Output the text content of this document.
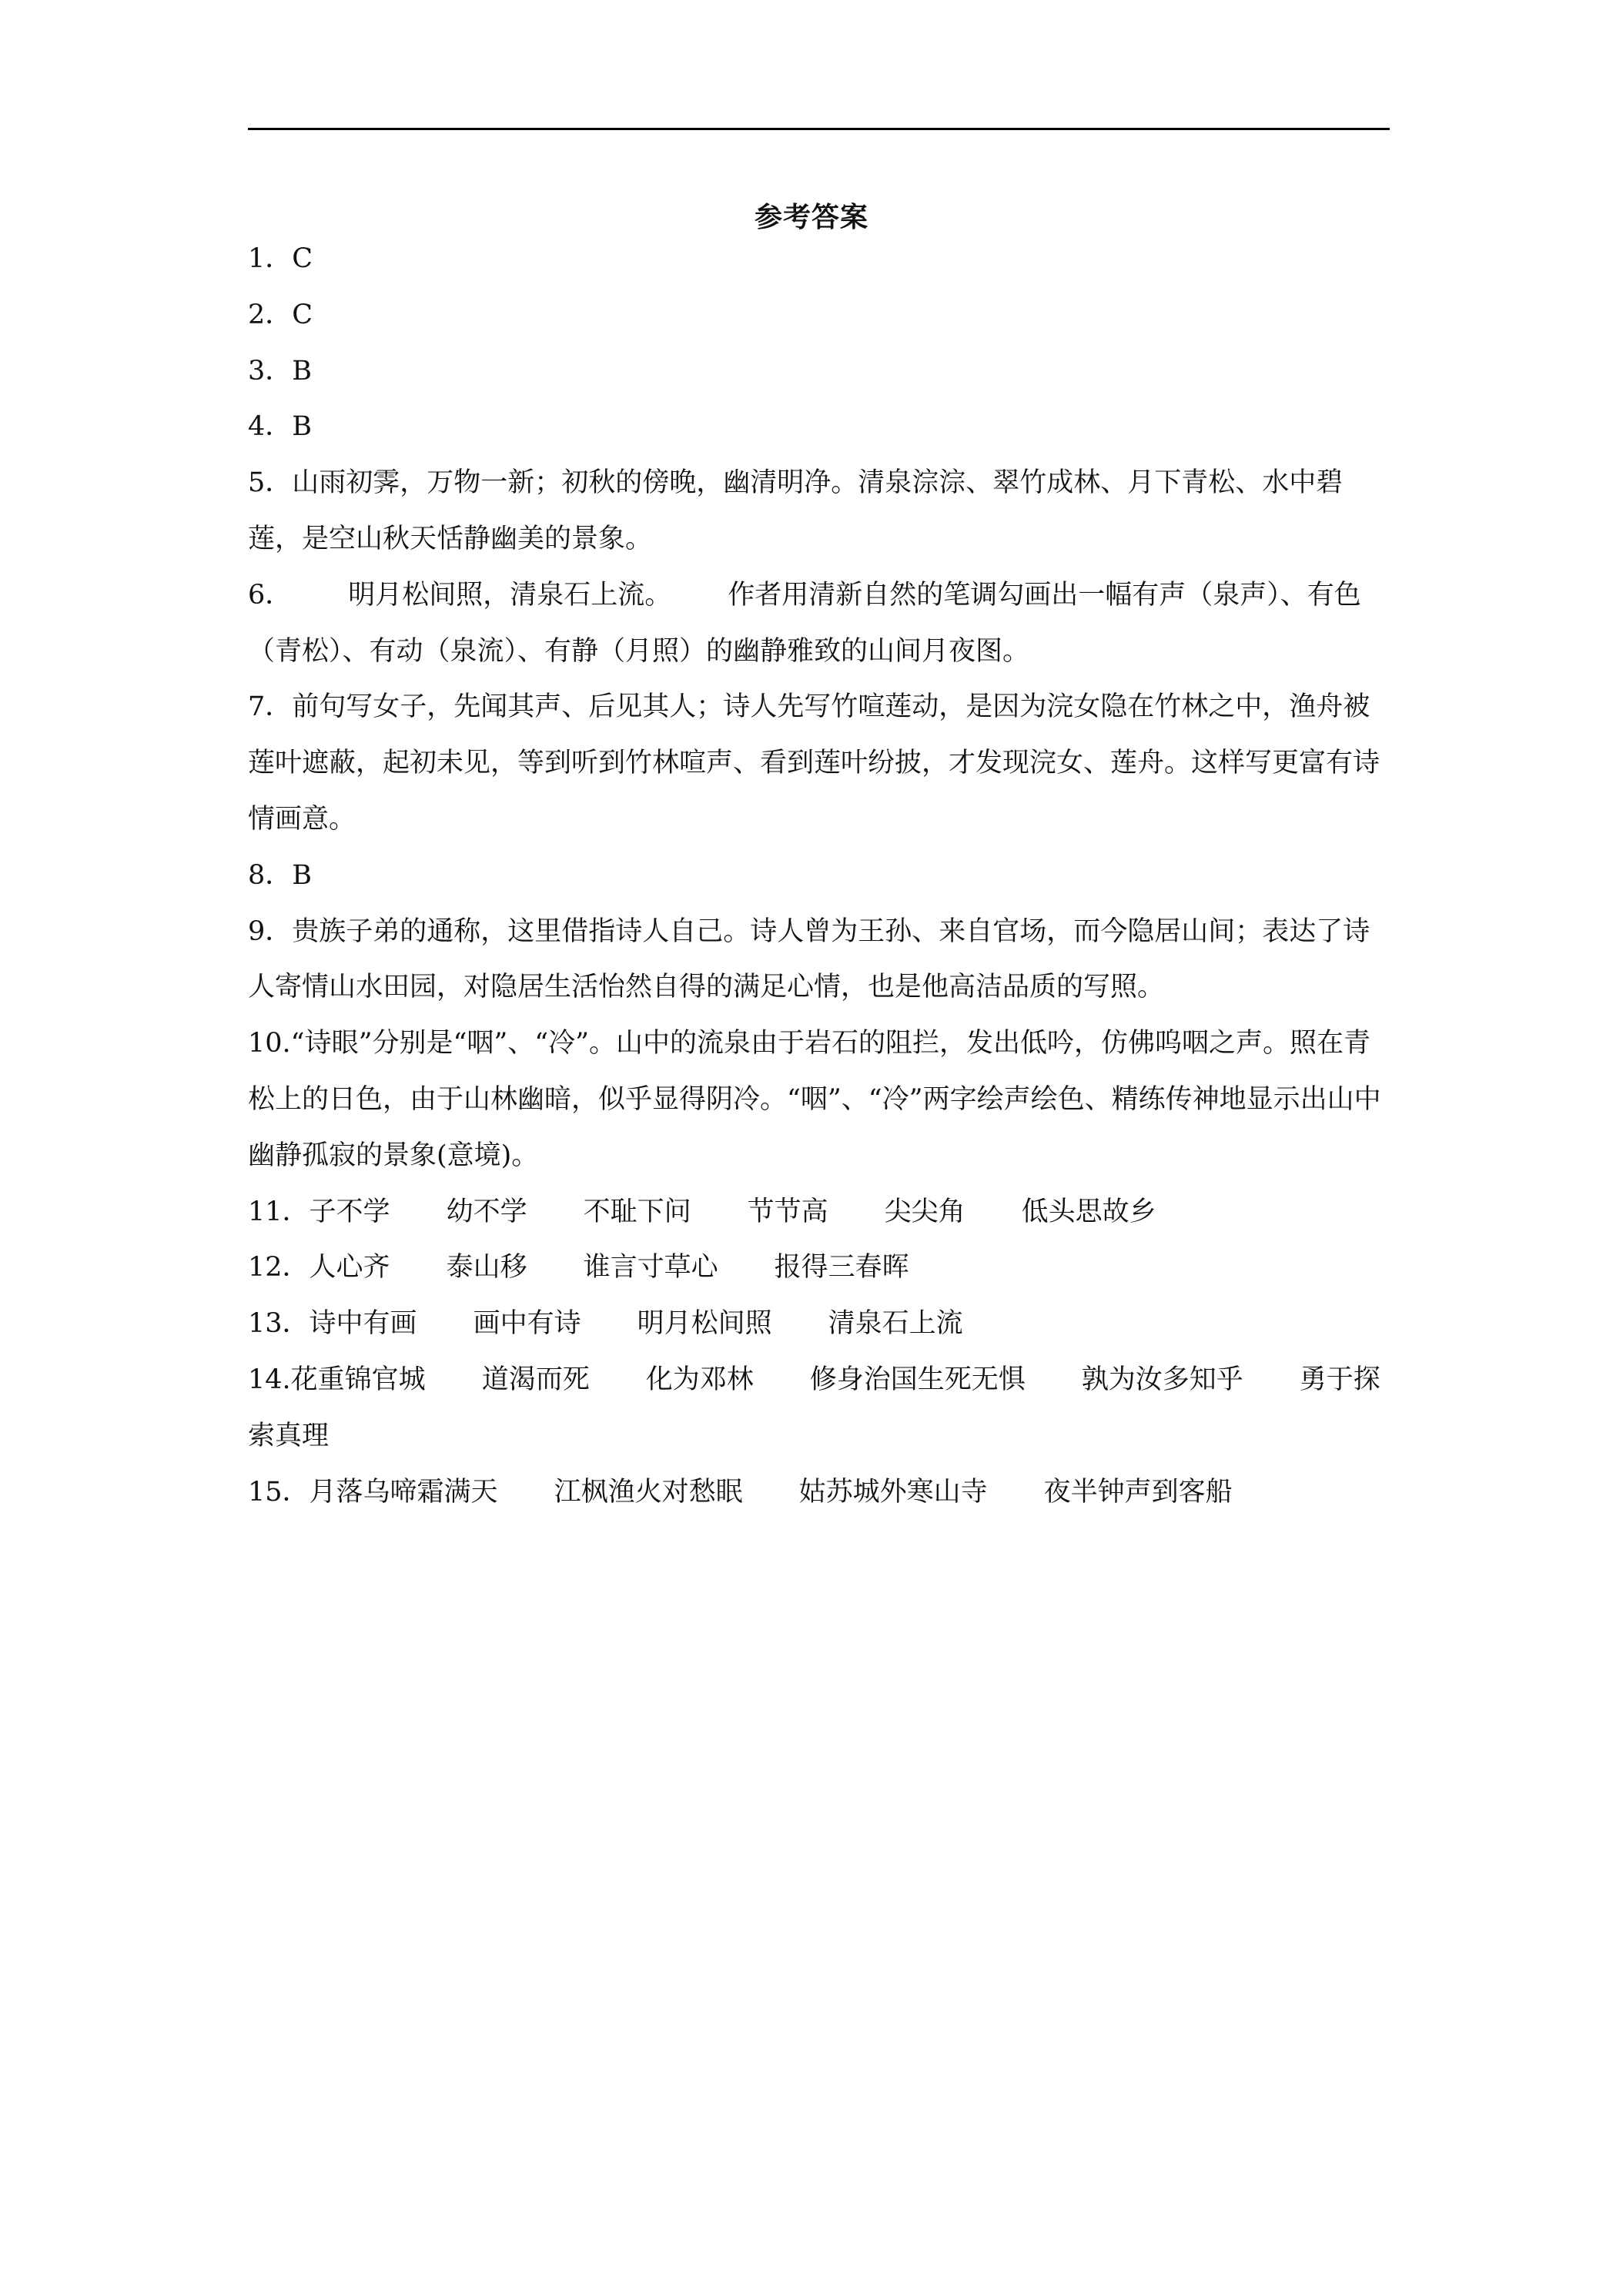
参考答案

1．C

2．C

3．B

4．B

5．山雨初霁，万物一新；初秋的傍晚，幽清明净。清泉淙淙、翠竹成林、月下青松、水中碧莲，是空山秋天恬静幽美的景象。

6． 明月松间照，清泉石上流。 作者用清新自然的笔调勾画出一幅有声（泉声）、有色（青松）、有动（泉流）、有静（月照）的幽静雅致的山间月夜图。

7．前句写女子，先闻其声、后见其人；诗人先写竹喧莲动，是因为浣女隐在竹林之中，渔舟被莲叶遮蔽，起初未见，等到听到竹林喧声、看到莲叶纷披，才发现浣女、莲舟。这样写更富有诗情画意。

8．B

9．贵族子弟的通称，这里借指诗人自己。诗人曾为王孙、来自官场，而今隐居山间；表达了诗人寄情山水田园，对隐居生活怡然自得的满足心情，也是他高洁品质的写照。

10.“诗眼”分别是“咽”、“冷”。山中的流泉由于岩石的阻拦，发出低吟，仿佛呜咽之声。照在青松上的日色，由于山林幽暗，似乎显得阴冷。“咽”、“冷”两字绘声绘色、精练传神地显示出山中幽静孤寂的景象(意境)。

11．子不学 幼不学 不耻下问 节节高 尖尖角 低头思故乡

12．人心齐 泰山移 谁言寸草心 报得三春晖

13．诗中有画 画中有诗 明月松间照 清泉石上流

14.花重锦官城 道渴而死 化为邓林 修身治国生死无惧 孰为汝多知乎 勇于探索真理

15．月落乌啼霜满天 江枫渔火对愁眠 姑苏城外寒山寺 夜半钟声到客船
